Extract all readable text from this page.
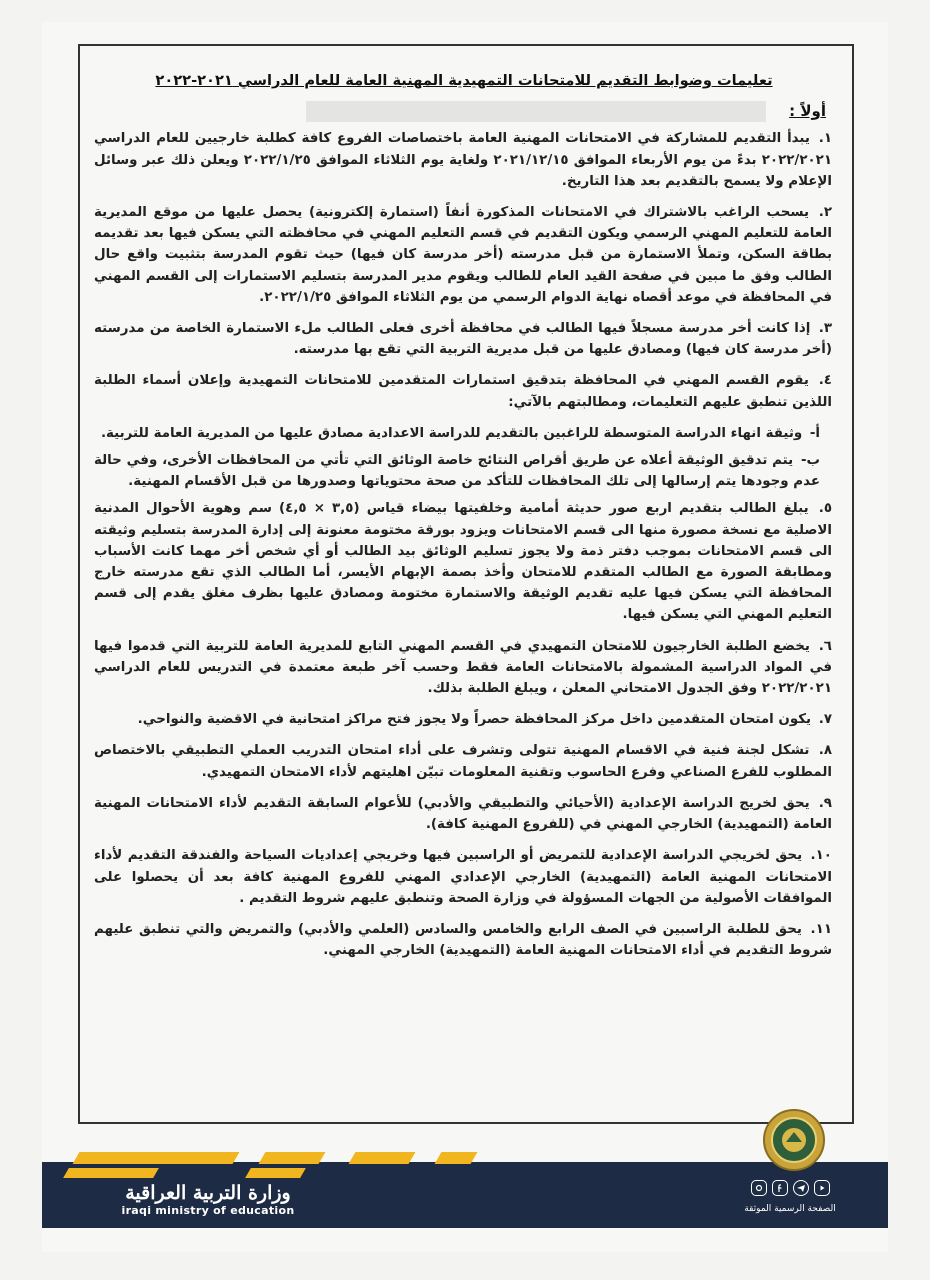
تعليمات وضوابط التقديم للامتحانات التمهيدية المهنية العامة للعام الدراسي ٢٠٢١-٢٠٢٢
أولاً :
١. يبدأ التقديم للمشاركة في الامتحانات المهنية العامة باختصاصات الفروع كافة كطلبة خارجيين للعام الدراسي ٢٠٢٢/٢٠٢١ بدءً من يوم الأربعاء الموافق ٢٠٢١/١٢/١٥ ولغاية يوم الثلاثاء الموافق ٢٠٢٢/١/٢٥ ويعلن ذلك عبر وسائل الإعلام ولا يسمح بالتقديم بعد هذا التاريخ.
٢. يسحب الراغب بالاشتراك في الامتحانات المذكورة أنفاً (استمارة إلكترونية) يحصل عليها من موقع المديرية العامة للتعليم المهني الرسمي ويكون التقديم في قسم التعليم المهني في محافظته التي يسكن فيها بعد تقديمه بطاقة السكن، وتملأ الاستمارة من قبل مدرسته (أخر مدرسة كان فيها) حيث تقوم المدرسة بتثبيت واقع حال الطالب وفق ما مبين في صفحة القيد العام للطالب ويقوم مدير المدرسة بتسليم الاستمارات إلى القسم المهني في المحافظة في موعد أقصاه نهاية الدوام الرسمي من يوم الثلاثاء الموافق ٢٠٢٢/١/٢٥.
٣. إذا كانت أخر مدرسة مسجلاً فيها الطالب في محافظة أخرى فعلى الطالب ملء الاستمارة الخاصة من مدرسته (أخر مدرسة كان فيها) ومصادق عليها من قبل مديرية التربية التي تقع بها مدرسته.
٤. يقوم القسم المهني في المحافظة بتدقيق استمارات المتقدمين للامتحانات التمهيدية وإعلان أسماء الطلبة اللذين تنطبق عليهم التعليمات، ومطالبتهم بالآتي:
أ- وثيقة انهاء الدراسة المتوسطة للراغبين بالتقديم للدراسة الاعدادية مصادق عليها من المديرية العامة للتربية.
ب- يتم تدقيق الوثيقة أعلاه عن طريق أقراص النتائج خاصة الوثائق التي تأتي من المحافظات الأخرى، وفي حالة عدم وجودها يتم إرسالها إلى تلك المحافظات للتأكد من صحة محتوياتها وصدورها من قبل الأقسام المهنية.
٥. يبلغ الطالب بتقديم اربع صور حديثة أمامية وخلفيتها بيضاء قياس (٣,٥ × ٤,٥) سم وهوية الأحوال المدنية الاصلية مع نسخة مصورة منها الى قسم الامتحانات ويزود بورقة مختومة معنونة إلى إدارة المدرسة بتسليم وثيقته الى قسم الامتحانات بموجب دفتر ذمة ولا يجوز تسليم الوثائق بيد الطالب أو أي شخص أخر مهما كانت الأسباب ومطابقة الصورة مع الطالب المتقدم للامتحان وأخذ بصمة الإبهام الأيسر، أما الطالب الذي تقع مدرسته خارج المحافظة التي يسكن فيها عليه تقديم الوثيقة والاستمارة مختومة ومصادق عليها بظرف مغلق يقدم إلى قسم التعليم المهني التي يسكن فيها.
٦. يخضع الطلبة الخارجيون للامتحان التمهيدي في القسم المهني التابع للمديرية العامة للتربية التي قدموا فيها في المواد الدراسية المشمولة بالامتحانات العامة فقط وحسب آخر طبعة معتمدة في التدريس للعام الدراسي ٢٠٢٢/٢٠٢١ وفق الجدول الامتحاني المعلن ، ويبلغ الطلبة بذلك.
٧. يكون امتحان المتقدمين داخل مركز المحافظة حصراً ولا يجوز فتح مراكز امتحانية في الاقضية والنواحي.
٨. تشكل لجنة فنية في الاقسام المهنية تتولى وتشرف على أداء امتحان التدريب العملي التطبيقي بالاختصاص المطلوب للفرع الصناعي وفرع الحاسوب وتقنية المعلومات تبيّن اهليتهم لأداء الامتحان التمهيدي.
٩. يحق لخريج الدراسة الإعدادية (الأحيائي والتطبيقي والأدبي) للأعوام السابقة التقديم لأداء الامتحانات المهنية العامة (التمهيدية) الخارجي المهني في (للفروع المهنية كافة).
١٠. يحق لخريجي الدراسة الإعدادية للتمريض أو الراسبين فيها وخريجي إعداديات السياحة والفندقة التقديم لأداء الامتحانات المهنية العامة (التمهيدية) الخارجي الإعدادي المهني للفروع المهنية كافة بعد أن يحصلوا على الموافقات الأصولية من الجهات المسؤولة في وزارة الصحة وتنطبق عليهم شروط التقديم .
١١. يحق للطلبة الراسبين في الصف الرابع والخامس والسادس (العلمي والأدبي) والتمريض والتي تنطبق عليهم شروط التقديم في أداء الامتحانات المهنية العامة (التمهيدية) الخارجي المهني.
وزارة التربية العراقية
iraqi ministry of education	الصفحة الرسمية الموثقة
